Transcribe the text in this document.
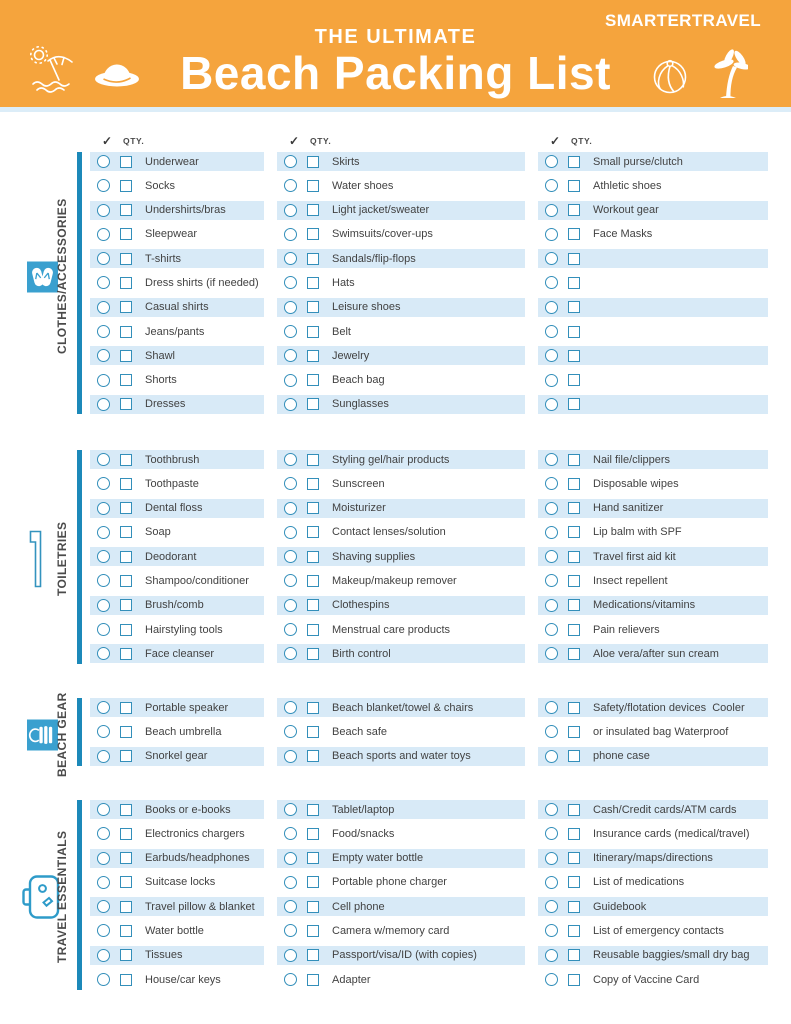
THE ULTIMATE
Beach Packing List
SMARTERTRAVEL
CLOTHES/ACCESSORIES
✓ QTY.
Underwear
Socks
Undershirts/bras
Sleepwear
T-shirts
Dress shirts (if needed)
Casual shirts
Jeans/pants
Shawl
Shorts
Dresses
✓ QTY.
Skirts
Water shoes
Light jacket/sweater
Swimsuits/cover-ups
Sandals/flip-flops
Hats
Leisure shoes
Belt
Jewelry
Beach bag
Sunglasses
✓ QTY.
Small purse/clutch
Athletic shoes
Workout gear
Face Masks
TOILETRIES
Toothbrush
Toothpaste
Dental floss
Soap
Deodorant
Shampoo/conditioner
Brush/comb
Hairstyling tools
Face cleanser
Styling gel/hair products
Sunscreen
Moisturizer
Contact lenses/solution
Shaving supplies
Makeup/makeup remover
Clothespins
Menstrual care products
Birth control
Nail file/clippers
Disposable wipes
Hand sanitizer
Lip balm with SPF
Travel first aid kit
Insect repellent
Medications/vitamins
Pain relievers
Aloe vera/after sun cream
BEACH GEAR	Portable speaker
Beach umbrella
Snorkel gear
Beach blanket/towel & chairs
Beach safe
Beach sports and water toys
Safety/flotation devices  Cooler
or insulated bag Waterproof
phone case
TRAVEL ESSENTIALS
Books or e-books
Electronics chargers
Earbuds/headphones
Suitcase locks
Travel pillow & blanket
Water bottle
Tissues
House/car keys
Tablet/laptop
Food/snacks
Empty water bottle
Portable phone charger
Cell phone
Camera w/memory card
Passport/visa/ID (with copies)
Adapter
Cash/Credit cards/ATM cards
Insurance cards (medical/travel)
Itinerary/maps/directions
List of medications
Guidebook
List of emergency contacts
Reusable baggies/small dry bag
Copy of Vaccine Card
